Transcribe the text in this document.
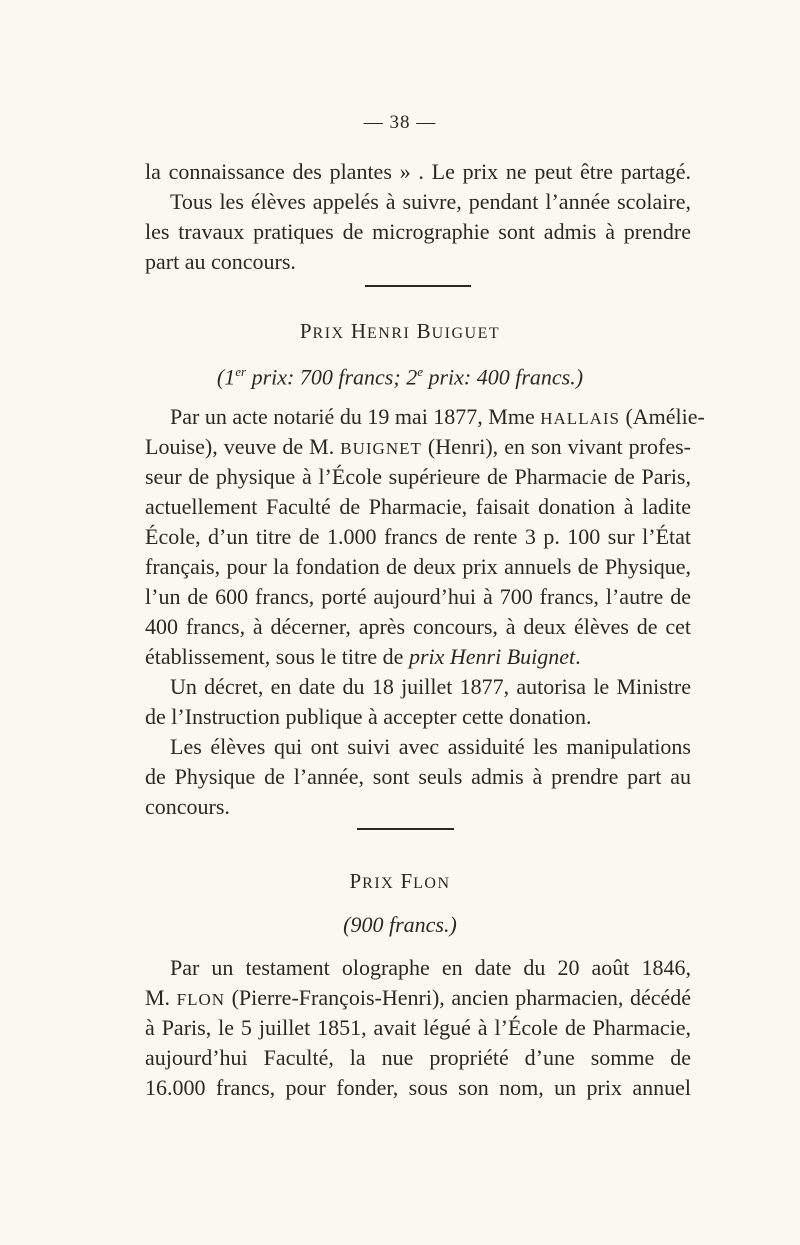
— 38 —
la connaissance des plantes » . Le prix ne peut être partagé.
Tous les élèves appelés à suivre, pendant l’année scolaire,
les travaux pratiques de micrographie sont admis à prendre
part au concours.
PRIX HENRI BUIGUET
(1er prix: 700 francs; 2e prix: 400 francs.)
Par un acte notarié du 19 mai 1877, Mme HALLAIS (Amélie-
Louise), veuve de M. BUIGNET (Henri), en son vivant profes-
seur de physique à l’École supérieure de Pharmacie de Paris,
actuellement Faculté de Pharmacie, faisait donation à ladite
École, d’un titre de 1.000 francs de rente 3 p. 100 sur l’État
français, pour la fondation de deux prix annuels de Physique,
l’un de 600 francs, porté aujourd’hui à 700 francs, l’autre de
400 francs, à décerner, après concours, à deux élèves de cet
établissement, sous le titre de prix Henri Buignet.
Un décret, en date du 18 juillet 1877, autorisa le Ministre
de l’Instruction publique à accepter cette donation.
Les élèves qui ont suivi avec assiduité les manipulations
de Physique de l’année, sont seuls admis à prendre part au
concours.
PRIX FLON
(900 francs.)
Par un testament olographe en date du 20 août 1846,
M. FLON (Pierre-François-Henri), ancien pharmacien, décédé
à Paris, le 5 juillet 1851, avait légué à l’École de Pharmacie,
aujourd’hui Faculté, la nue propriété d’une somme de
16.000 francs, pour fonder, sous son nom, un prix annuel
